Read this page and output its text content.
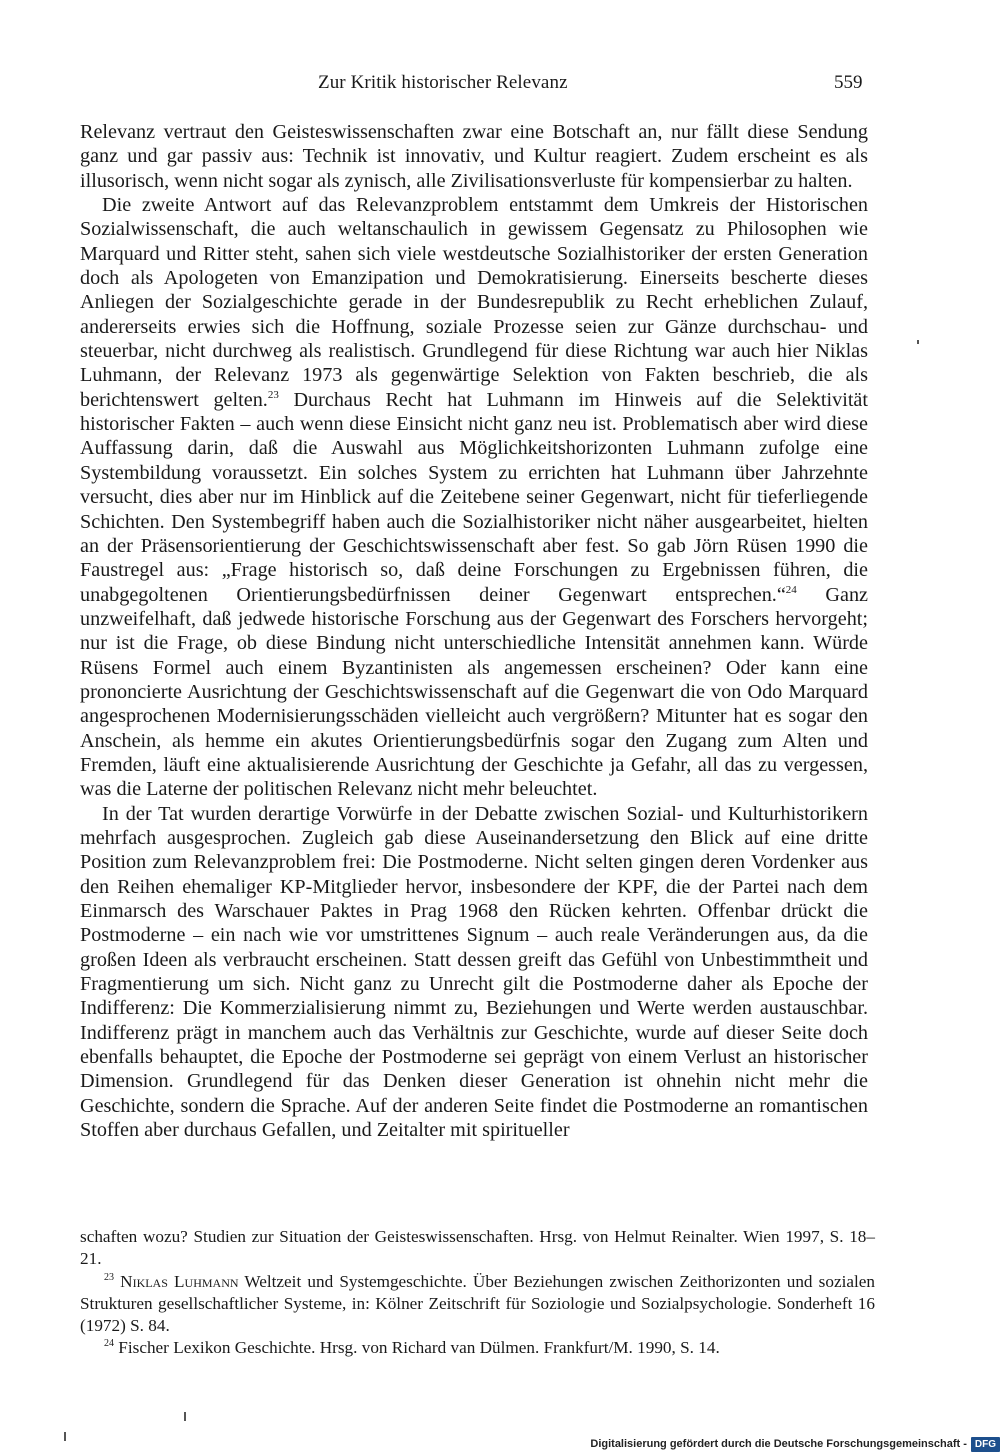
Zur Kritik historischer Relevanz	559

Relevanz vertraut den Geisteswissenschaften zwar eine Botschaft an, nur fällt diese Sendung ganz und gar passiv aus: Technik ist innovativ, und Kultur reagiert. Zudem erscheint es als illusorisch, wenn nicht sogar als zynisch, alle Zivilisationsverluste für kompensierbar zu halten.

Die zweite Antwort auf das Relevanzproblem entstammt dem Umkreis der Historischen Sozialwissenschaft, die auch weltanschaulich in gewissem Gegensatz zu Philosophen wie Marquard und Ritter steht, sahen sich viele westdeutsche Sozialhistoriker der ersten Generation doch als Apologeten von Emanzipation und Demokratisierung. Einerseits bescherte dieses Anliegen der Sozialgeschichte gerade in der Bundesrepublik zu Recht erheblichen Zulauf, andererseits erwies sich die Hoffnung, soziale Prozesse seien zur Gänze durchschau- und steuerbar, nicht durchweg als realistisch. Grundlegend für diese Richtung war auch hier Niklas Luhmann, der Relevanz 1973 als gegenwärtige Selektion von Fakten beschrieb, die als berichtenswert gelten.$^{23}$ Durchaus Recht hat Luhmann im Hinweis auf die Selektivität historischer Fakten – auch wenn diese Einsicht nicht ganz neu ist. Problematisch aber wird diese Auffassung darin, daß die Auswahl aus Möglichkeitshorizonten Luhmann zufolge eine Systembildung voraussetzt. Ein solches System zu errichten hat Luhmann über Jahrzehnte versucht, dies aber nur im Hinblick auf die Zeitebene seiner Gegenwart, nicht für tieferliegende Schichten. Den Systembegriff haben auch die Sozialhistoriker nicht näher ausgearbeitet, hielten an der Präsensorientierung der Geschichtswissenschaft aber fest. So gab Jörn Rüsen 1990 die Faustregel aus: „Frage historisch so, daß deine Forschungen zu Ergebnissen führen, die unabgegoltenen Orientierungsbedürfnissen deiner Gegenwart entsprechen.“$^{24}$ Ganz unzweifelhaft, daß jedwede historische Forschung aus der Gegenwart des Forschers hervorgeht; nur ist die Frage, ob diese Bindung nicht unterschiedliche Intensität annehmen kann. Würde Rüsens Formel auch einem Byzantinisten als angemessen erscheinen? Oder kann eine prononcierte Ausrichtung der Geschichtswissenschaft auf die Gegenwart die von Odo Marquard angesprochenen Modernisierungsschäden vielleicht auch vergrößern? Mitunter hat es sogar den Anschein, als hemme ein akutes Orientierungsbedürfnis sogar den Zugang zum Alten und Fremden, läuft eine aktualisierende Ausrichtung der Geschichte ja Gefahr, all das zu vergessen, was die Laterne der politischen Relevanz nicht mehr beleuchtet.

In der Tat wurden derartige Vorwürfe in der Debatte zwischen Sozial- und Kulturhistorikern mehrfach ausgesprochen. Zugleich gab diese Auseinandersetzung den Blick auf eine dritte Position zum Relevanzproblem frei: Die Postmoderne. Nicht selten gingen deren Vordenker aus den Reihen ehemaliger KP-Mitglieder hervor, insbesondere der KPF, die der Partei nach dem Einmarsch des Warschauer Paktes in Prag 1968 den Rücken kehrten. Offenbar drückt die Postmoderne – ein nach wie vor umstrittenes Signum – auch reale Veränderungen aus, da die großen Ideen als verbraucht erscheinen. Statt dessen greift das Gefühl von Unbestimmtheit und Fragmentierung um sich. Nicht ganz zu Unrecht gilt die Postmoderne daher als Epoche der Indifferenz: Die Kommerzialisierung nimmt zu, Beziehungen und Werte werden austauschbar. Indifferenz prägt in manchem auch das Verhältnis zur Geschichte, wurde auf dieser Seite doch ebenfalls behauptet, die Epoche der Postmoderne sei geprägt von einem Verlust an historischer Dimension. Grundlegend für das Denken dieser Generation ist ohnehin nicht mehr die Geschichte, sondern die Sprache. Auf der anderen Seite findet die Postmoderne an romantischen Stoffen aber durchaus Gefallen, und Zeitalter mit spiritueller

schaften wozu? Studien zur Situation der Geisteswissenschaften. Hrsg. von Helmut Reinalter. Wien 1997, S. 18–21.

$^{23}$ Niklas Luhmann Weltzeit und Systemgeschichte. Über Beziehungen zwischen Zeithorizonten und sozialen Strukturen gesellschaftlicher Systeme, in: Kölner Zeitschrift für Soziologie und Sozialpsychologie. Sonderheft 16 (1972) S. 84.

$^{24}$ Fischer Lexikon Geschichte. Hrsg. von Richard van Dülmen. Frankfurt/M. 1990, S. 14.

Digitalisierung gefördert durch die Deutsche Forschungsgemeinschaft - DFG
